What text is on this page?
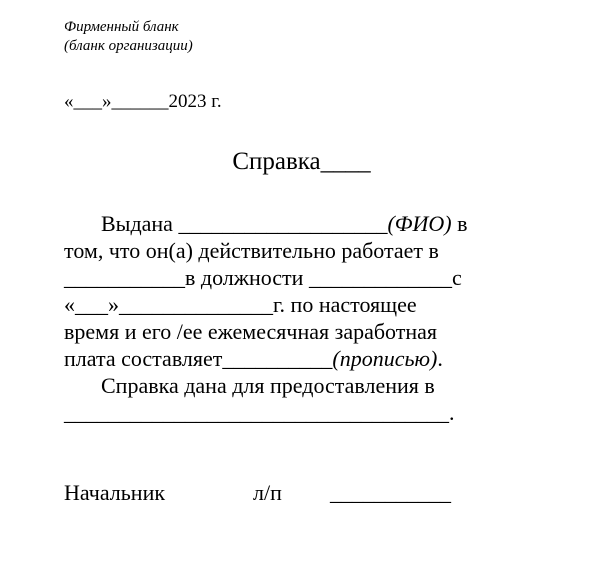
Фирменный бланк
(бланк организации)
«___»______2023 г.
Справка____
Выдана ___________________(ФИО) в
том, что он(а) действительно работает в
___________в должности _____________с
«___»______________г. по настоящее
время и его /ее ежемесячная заработная
плата составляет__________(прописью).
Справка дана для предоставления в
___________________________________.
Начальник	л/п ___________
